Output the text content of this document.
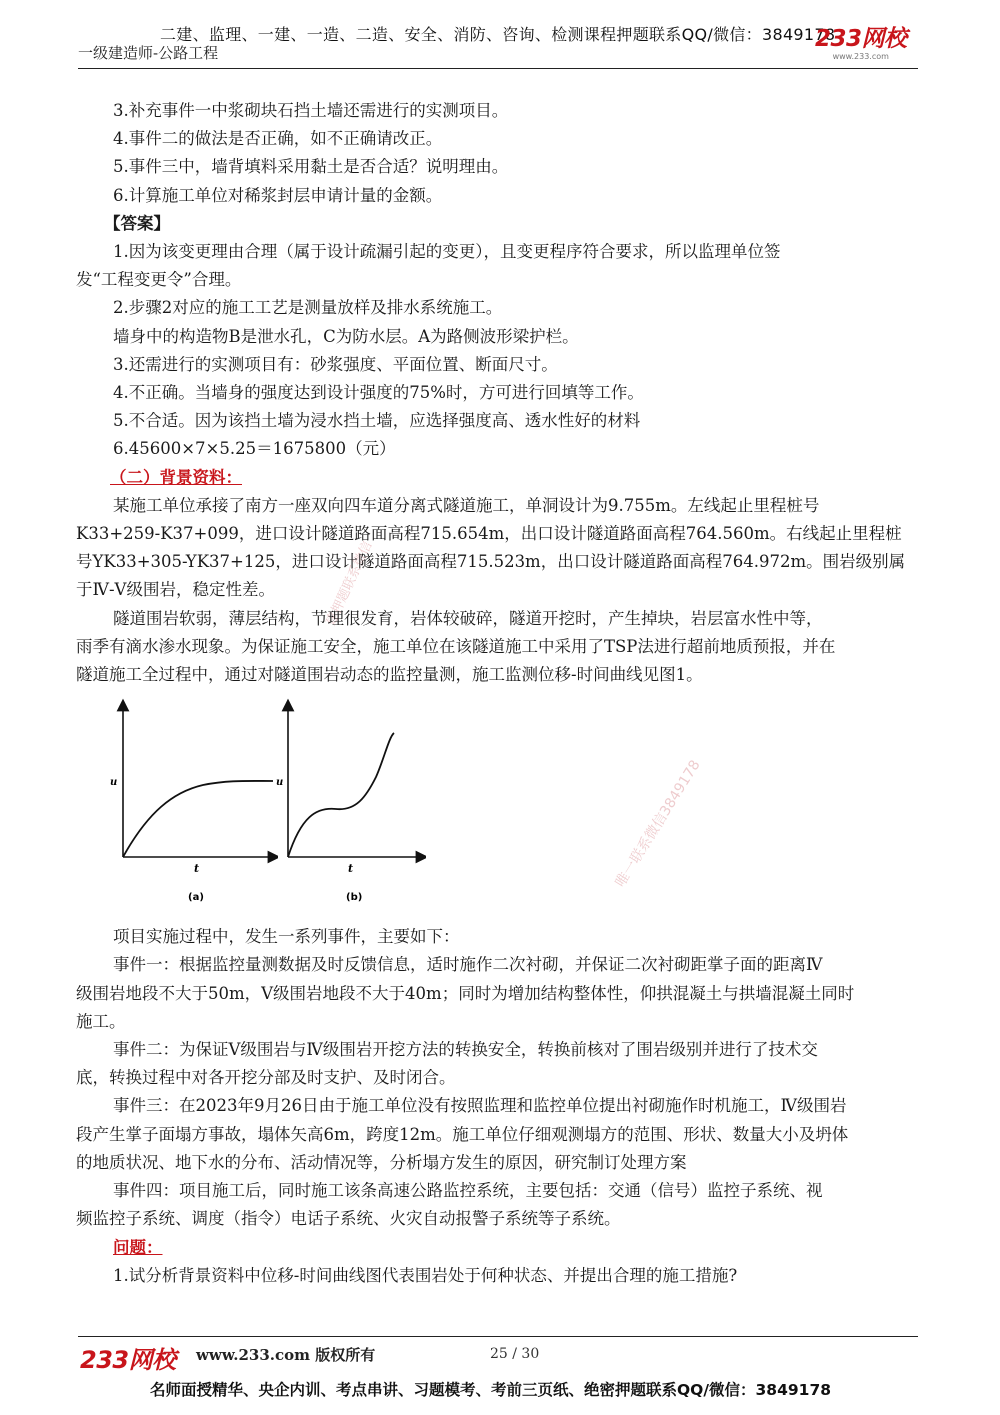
二建、监理、一建、一造、二造、安全、消防、咨询、检测课程押题联系QQ/微信：3849178
一级建造师-公路工程
233网校
www.233.com
唯一联系微信3849178
建押题联系微信

3.补充事件一中浆砌块石挡土墙还需进行的实测项目。

4.事件二的做法是否正确，如不正确请改正。

5.事件三中，墙背填料采用黏土是否合适？说明理由。

6.计算施工单位对稀浆封层申请计量的金额。

【答案】

1.因为该变更理由合理（属于设计疏漏引起的变更），且变更程序符合要求，所以监理单位签

发“工程变更令”合理。

2.步骤2对应的施工工艺是测量放样及排水系统施工。

墙身中的构造物B是泄水孔，C为防水层。A为路侧波形梁护栏。

3.还需进行的实测项目有：砂浆强度、平面位置、断面尺寸。

4.不正确。当墙身的强度达到设计强度的75%时，方可进行回填等工作。

5.不合适。因为该挡土墙为浸水挡土墙，应选择强度高、透水性好的材料

6.45600×7×5.25＝1675800（元）

（二）背景资料：

某施工单位承接了南方一座双向四车道分离式隧道施工，单洞设计为9.755m。左线起止里程桩号

K33+259-K37+099，进口设计隧道路面高程715.654m，出口设计隧道路面高程764.560m。右线起止里程桩

号YK33+305-YK37+125，进口设计隧道路面高程715.523m，出口设计隧道路面高程764.972m。围岩级别属

于Ⅳ-Ⅴ级围岩，稳定性差。

隧道围岩软弱，薄层结构，节理很发育，岩体较破碎，隧道开挖时，产生掉块，岩层富水性中等，

雨季有滴水渗水现象。为保证施工安全，施工单位在该隧道施工中采用了TSP法进行超前地质预报，并在

隧道施工全过程中，通过对隧道围岩动态的监控量测，施工监测位移-时间曲线见图1。

u
t
(a)
u
t
(b)

项目实施过程中，发生一系列事件，主要如下：

事件一：根据监控量测数据及时反馈信息，适时施作二次衬砌，并保证二次衬砌距掌子面的距离Ⅳ

级围岩地段不大于50m，Ⅴ级围岩地段不大于40m；同时为增加结构整体性，仰拱混凝土与拱墙混凝土同时

施工。

事件二：为保证Ⅴ级围岩与Ⅳ级围岩开挖方法的转换安全，转换前核对了围岩级别并进行了技术交

底，转换过程中对各开挖分部及时支护、及时闭合。

事件三：在2023年9月26日由于施工单位没有按照监理和监控单位提出衬砌施作时机施工，Ⅳ级围岩

段产生掌子面塌方事故，塌体矢高6m，跨度12m。施工单位仔细观测塌方的范围、形状、数量大小及坍体

的地质状况、地下水的分布、活动情况等，分析塌方发生的原因，研究制订处理方案

事件四：项目施工后，同时施工该条高速公路监控系统，主要包括：交通（信号）监控子系统、视

频监控子系统、调度（指令）电话子系统、火灾自动报警子系统等子系统。

问题：

1.试分析背景资料中位移-时间曲线图代表围岩处于何种状态、并提出合理的施工措施?

233网校 www.233.com 版权所有	25 / 30
名师面授精华、央企内训、考点串讲、习题模考、考前三页纸、绝密押题联系QQ/微信：3849178
